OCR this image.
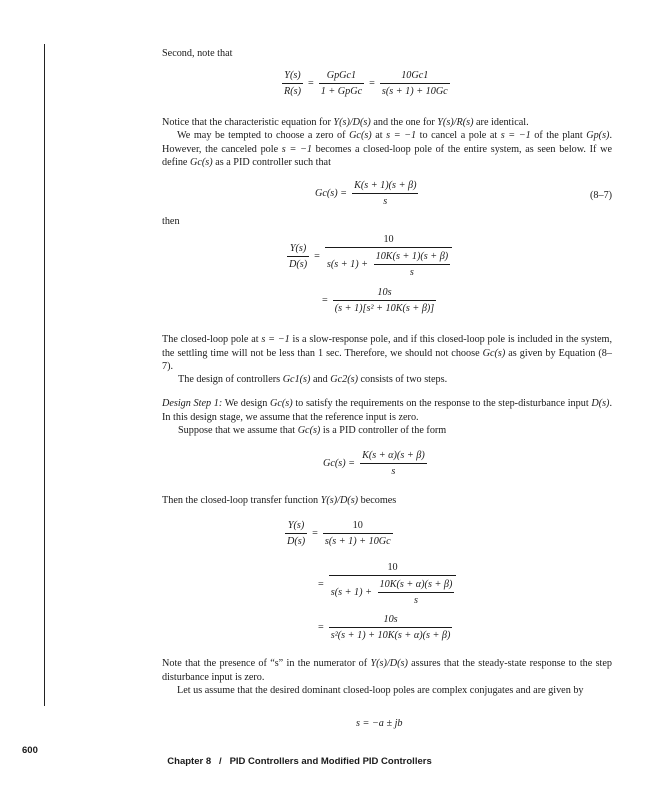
Second, note that
$\frac{Y(s)}{R(s)} = \frac{\text{GpGc1}}{\text{1 + GpGc}} = \frac{10Gc1}{s(s + 1) + 10Gc}$
Notice that the characteristic equation for Y(s)/D(s) and the one for Y(s)/R(s) are identical.
We may be tempted to choose a zero of Gc(s) at s = −1 to cancel a pole at s = −1 of the plant Gp(s). However, the canceled pole s = −1 becomes a closed-loop pole of the entire system, as seen below. If we define Gc(s) as a PID controller such that
$Gc(s) = \frac{K(s + 1)(s + \beta)}{s}$	(8–7)
then
$\frac{Y(s)}{D(s)} = \frac{10}{s(s + 1) + \frac{10K(s + 1)(s + \beta)}{s}}$
= $\frac{10s}{\text{(s + 1)[s² + 10K(s + β)]}}$
The closed-loop pole at s = −1 is a slow-response pole, and if this closed-loop pole is included in the system, the settling time will not be less than 1 sec. Therefore, we should not choose Gc(s) as given by Equation (8–7).
The design of controllers Gc1(s) and Gc2(s) consists of two steps.
Design Step 1: We design Gc(s) to satisfy the requirements on the response to the step-disturbance input D(s). In this design stage, we assume that the reference input is zero.
Suppose that we assume that Gc(s) is a PID controller of the form
$Gc(s) = \frac{K(s + \alpha)(s + \beta)}{s}$
Then the closed-loop transfer function Y(s)/D(s) becomes
$\frac{Y(s)}{D(s)} = \frac{10}{s(s + 1) + 10Gc}$
= $\frac{10}{s(s + 1) + \frac{10K(s + \alpha)(s + \beta)}{s}}$
= $\frac{10s}{\text{s²(s + 1) + 10K(s + α)(s + β)}}$
Note that the presence of “s” in the numerator of Y(s)/D(s) assures that the steady-state response to the step disturbance input is zero.
Let us assume that the desired dominant closed-loop poles are complex conjugates and are given by
s = −a ± jb
600

Chapter 8   /   PID Controllers and Modified PID Controllers
